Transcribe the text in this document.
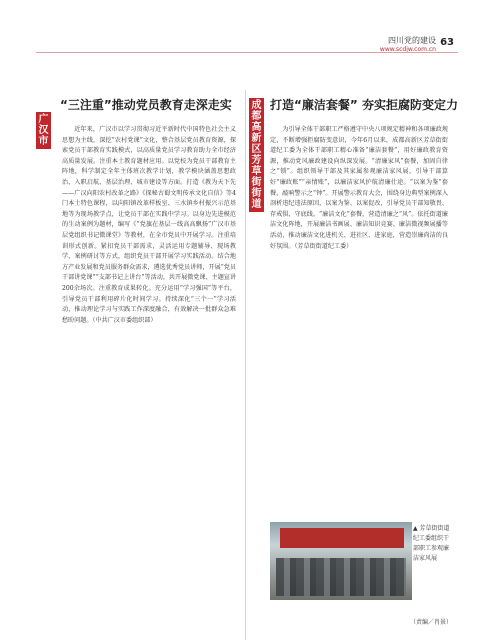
四川党的建设
www.scdjw.com.cn
63
广汉市
“三注重”推动党员教育走深走实

近年来，广汉市以学习贯彻习近平新时代中国特色社会主义思想为主线，深挖“农村党课”文化，整合基层党员教育资源，探索党员干部教育实践模式，以高质量党员学习教育助力全市经济高质量发展。注重本土教育题材应用。以党校为党员干部教育主阵地，科学制定全年主体班次教学计划，教学模块涵盖思想政治、入职启航、基层治理、城市建设等方面。打造《教为天下先——广汉向阳农村改革之路》《探秘古蜀文明传承文化自信》等4门本土特色课程，以向阳镇改革样板室、三水镇乡村振兴示范基地等为现场教学点，让党员干部在实践中学习。以身边先进模范的生动案例为题材，编写《“党旗在基层一线高高飘扬”广汉市基层党组织书记微课堂》等教材，在全市党员中开展学习。注重培训形式创新。紧扣党员干部需求，灵活运用专题辅导、现场教学、案例研讨等方式，组织党员干部开展学习实践活动。结合地方产业发展和党员服务群众需求，遴选优秀党员讲师，开展“党员干部讲党课”“支部书记上讲台”等活动，共开展微党课、主题宣讲200余场次。注重教育成果转化。充分运用“学习强国”等平台，引导党员干部利用碎片化时间学习。持续深化“三个一”学习活动，推动理论学习与实践工作深度融合，有效解决一批群众急难愁盼问题。（中共广汉市委组织部）

成都高新区芳草街街道
打造“廉洁套餐” 夯实拒腐防变定力

为引导全体干部职工严格遵守中央八项规定精神和各项廉政规定，不断增强拒腐防变意识，今年6月以来，成都高新区芳草街街道纪工委为全体干部职工精心准备“廉洁套餐”，用好廉政教育资源，推动党风廉政建设向纵深发展。“清廉家风”套餐，加固自律之“锁”。组织领导干部及其家属参观廉洁家风展，引导干部算好“廉政账”“亲情账”，以廉洁家风护航清廉仕途。“以案为鉴”套餐，敲响警示之“钟”。开展警示教育大会，围绕身边典型案例深入剖析违纪违法原因，以案为鉴、以案促改，引导党员干部知敬畏、存戒惧、守底线。“廉洁文化”套餐，营造清廉之“风”。依托街道廉洁文化阵地，开展廉洁书画展、廉洁知识竞赛、廉洁微视频展播等活动，推动廉洁文化进机关、进社区、进家庭，营造崇廉尚洁的良好氛围。（芳草街街道纪工委）

▲ 芳草街街道纪工委组织干部职工参观廉洁家风展
（责编／肖景）
